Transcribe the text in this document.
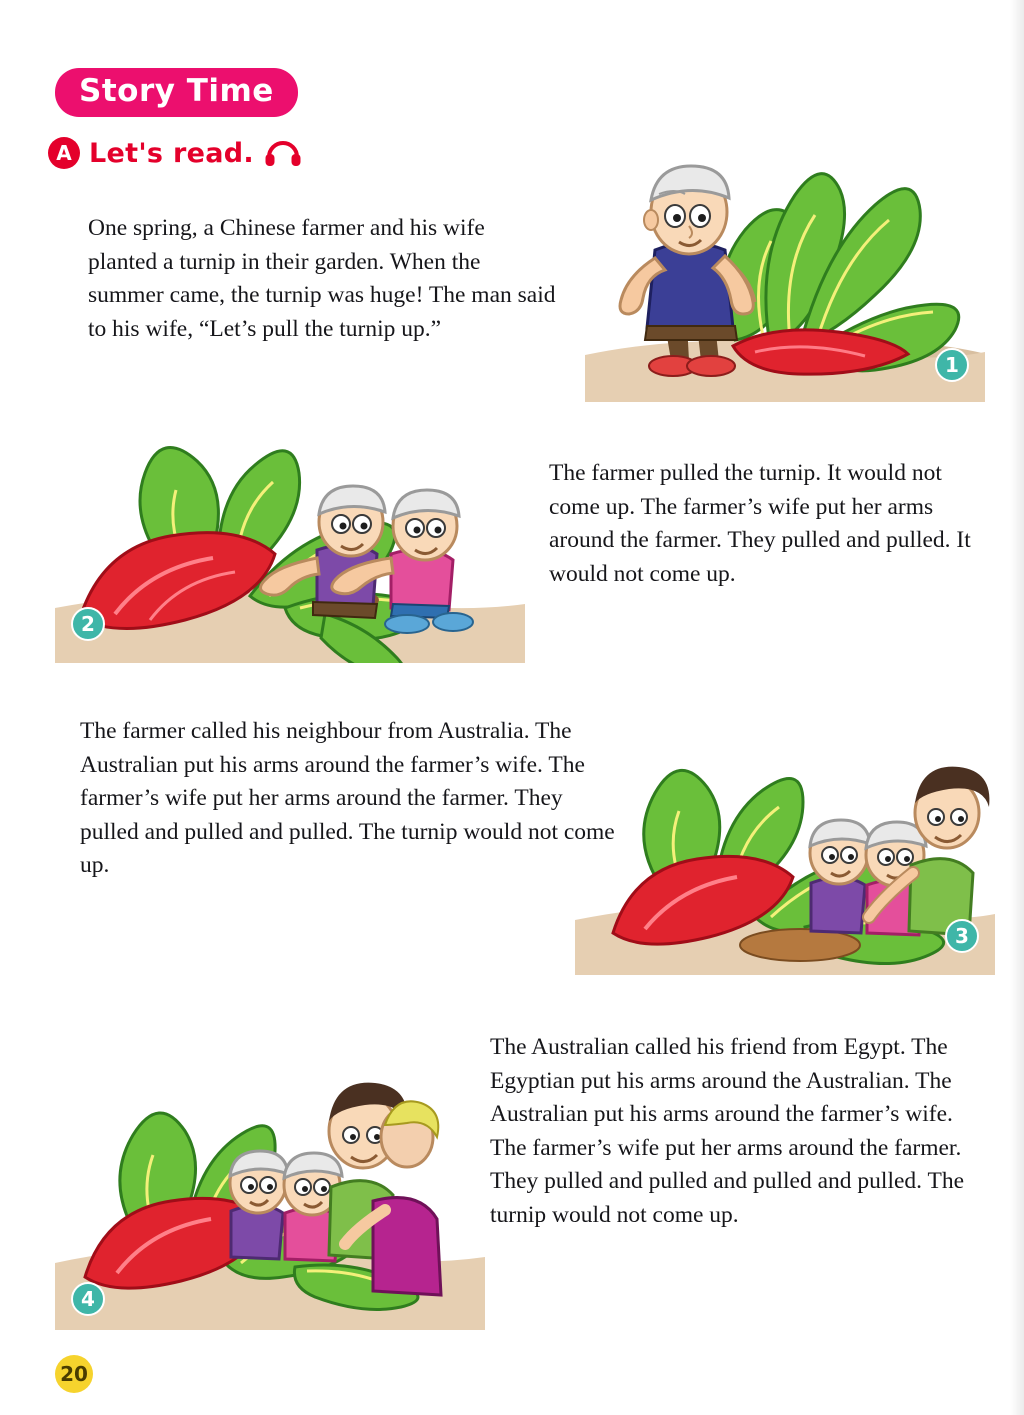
Story Time
A Let's read.
One spring, a Chinese farmer and his wife planted a turnip in their garden. When the summer came, the turnip was huge! The man said to his wife, “Let’s pull the turnip up.”
1
The farmer pulled the turnip. It would not come up. The farmer’s wife put her arms around the farmer. They pulled and pulled. It would not come up.
2
The farmer called his neighbour from Australia. The Australian put his arms around the farmer’s wife. The farmer’s wife put her arms around the farmer. They pulled and pulled and pulled. The turnip would not come up.
3
The Australian called his friend from Egypt. The Egyptian put his arms around the Australian. The Australian put his arms around the farmer’s wife. The farmer’s wife put her arms around the farmer. They pulled and pulled and pulled and pulled. The turnip would not come up.
4
20
